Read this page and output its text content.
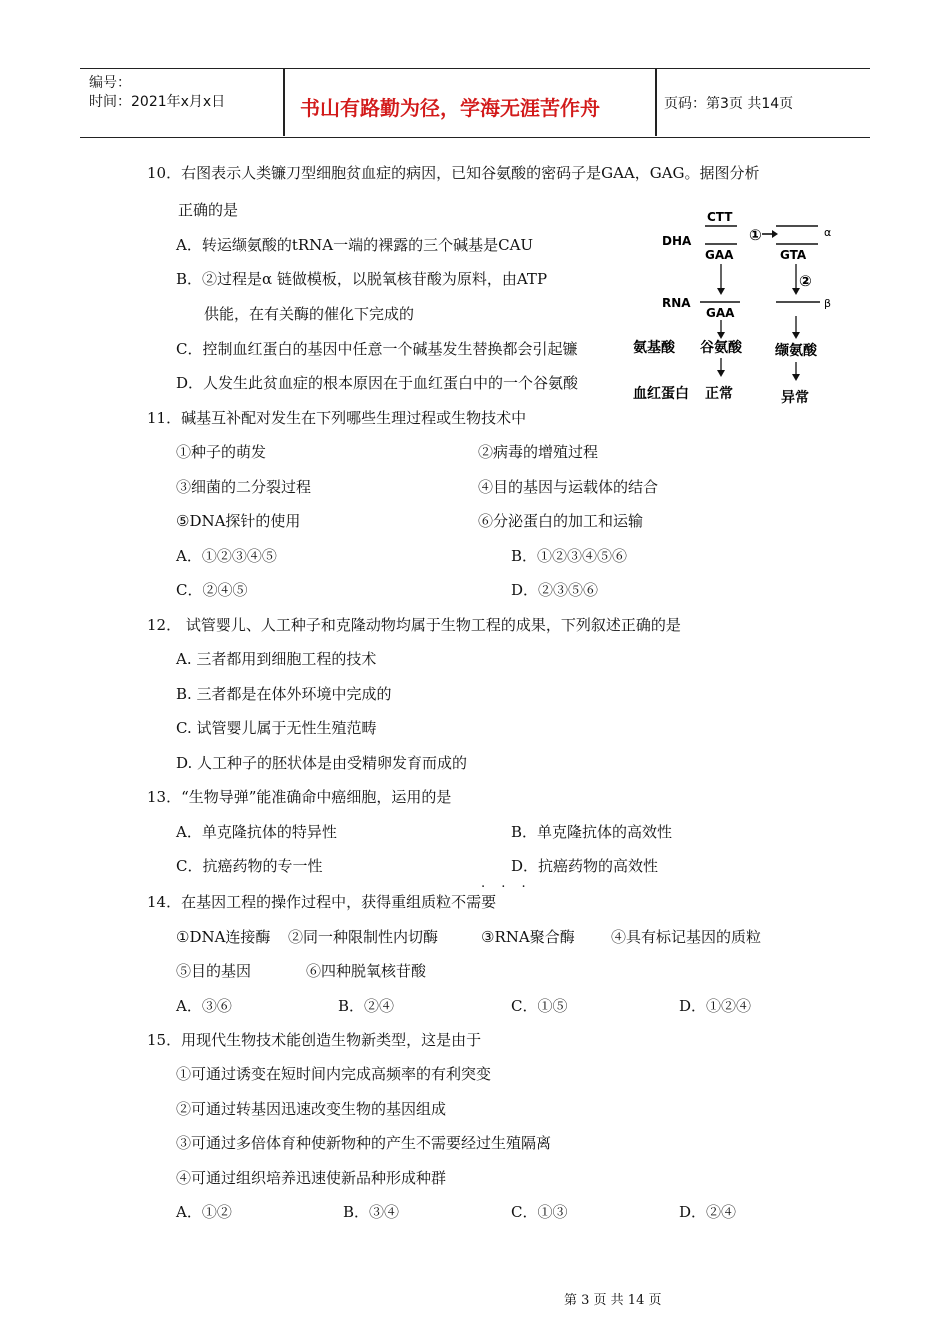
编号：
时间：2021年x月x日	书山有路勤为径，学海无涯苦作舟	页码：第3页 共14页
10．右图表示人类镰刀型细胞贫血症的病因，已知谷氨酸的密码子是GAA，GAG。据图分析
正确的是
A．转运缬氨酸的tRNA一端的裸露的三个碱基是CAU
B．②过程是α 链做模板，以脱氧核苷酸为原料，由ATP
供能，在有关酶的催化下完成的
C．控制血红蛋白的基因中任意一个碱基发生替换都会引起镰
D．人发生此贫血症的根本原因在于血红蛋白中的一个谷氨酸
DHA
CTT
GAA
①	α
GTA
②
RNA
GAA
β
氨基酸 谷氨酸 缬氨酸
血红蛋白 正常	异常
11．碱基互补配对发生在下列哪些生理过程或生物技术中
①种子的萌发	②病毒的增殖过程
③细菌的二分裂过程	④目的基因与运载体的结合
⑤DNA探针的使用	⑥分泌蛋白的加工和运输
A．①②③④⑤	B．①②③④⑤⑥
C．②④⑤	D．②③⑤⑥
12． 试管婴儿、人工种子和克隆动物均属于生物工程的成果，下列叙述正确的是
A. 三者都用到细胞工程的技术
B. 三者都是在体外环境中完成的
C. 试管婴儿属于无性生殖范畴
D. 人工种子的胚状体是由受精卵发育而成的
13．“生物导弹”能准确命中癌细胞，运用的是
A．单克隆抗体的特异性	B．单克隆抗体的高效性
C．抗癌药物的专一性	D．抗癌药物的高效性
. . .
14．在基因工程的操作过程中，获得重组质粒不需要
①DNA连接酶 ②同一种限制性内切酶	③RNA聚合酶 ④具有标记基因的质粒
⑤目的基因	⑥四种脱氧核苷酸
A．③⑥	B．②④	C．①⑤	D．①②④
15．用现代生物技术能创造生物新类型，这是由于
①可通过诱变在短时间内完成高频率的有利突变
②可通过转基因迅速改变生物的基因组成
③可通过多倍体育种使新物种的产生不需要经过生殖隔离
④可通过组织培养迅速使新品种形成种群
A．①②	B．③④	C．①③	D．②④
第 3 页 共 14 页
